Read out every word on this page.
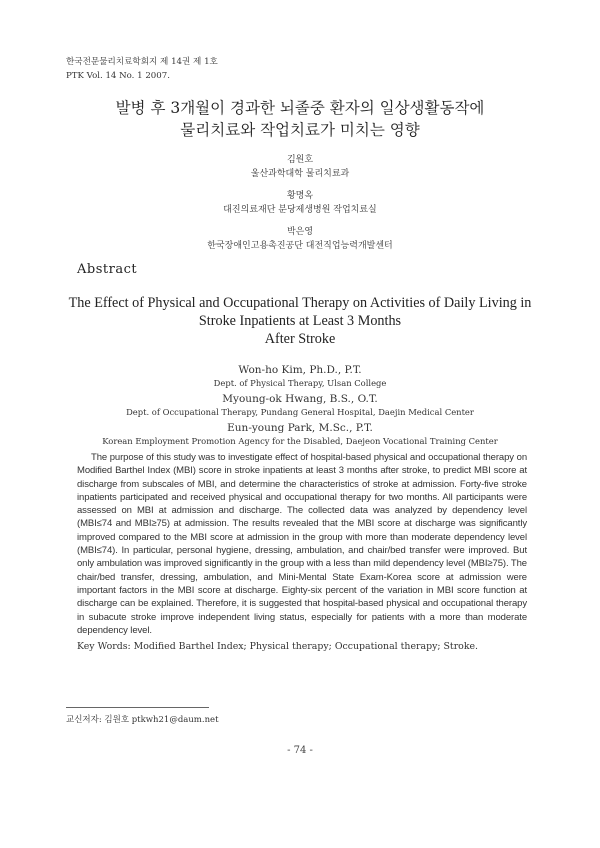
한국전문물리치료학회지 제 14권 제 1호
PTK Vol. 14 No. 1 2007.
발병 후 3개월이 경과한 뇌졸중 환자의 일상생활동작에
물리치료와 작업치료가 미치는 영향
김원호
울산과학대학 물리치료과
황명옥
대진의료재단 분당제생병원 작업치료실
박은영
한국장애인고용촉진공단 대전직업능력개발센터
Abstract
The Effect of Physical and Occupational Therapy on Activities of Daily Living in
Stroke Inpatients at Least 3 Months
After Stroke
Won-ho Kim, Ph.D., P.T.
Dept. of Physical Therapy, Ulsan College
Myoung-ok Hwang, B.S., O.T.
Dept. of Occupational Therapy, Pundang General Hospital, Daejin Medical Center
Eun-young Park, M.Sc., P.T.
Korean Employment Promotion Agency for the Disabled, Daejeon Vocational Training Center

The purpose of this study was to investigate effect of hospital-based physical and occupational therapy on Modified Barthel Index (MBI) score in stroke inpatients at least 3 months after stroke, to predict MBI score at discharge from subscales of MBI, and determine the characteristics of stroke at admission. Forty-five stroke inpatients participated and received physical and occupational therapy for two months. All participants were assessed on MBI at admission and discharge. The collected data was analyzed by dependency level (MBI≤74 and MBI≥75) at admission. The results revealed that the MBI score at discharge was significantly improved compared to the MBI score at admission in the group with more than moderate dependency level (MBI≤74). In particular, personal hygiene, dressing, ambulation, and chair/bed transfer were improved. But only ambulation was improved significantly in the group with a less than mild dependency level (MBI≥75). The chair/bed transfer, dressing, ambulation, and Mini-Mental State Exam-Korea score at admission were important factors in the MBI score at discharge. Eighty-six percent of the variation in MBI score function at discharge can be explained. Therefore, it is suggested that hospital-based physical and occupational therapy in subacute stroke improve independent living status, especially for patients with a more than moderate dependency level.

Key Words: Modified Barthel Index; Physical therapy; Occupational therapy; Stroke.
교신저자: 김원호 ptkwh21@daum.net
- 74 -
